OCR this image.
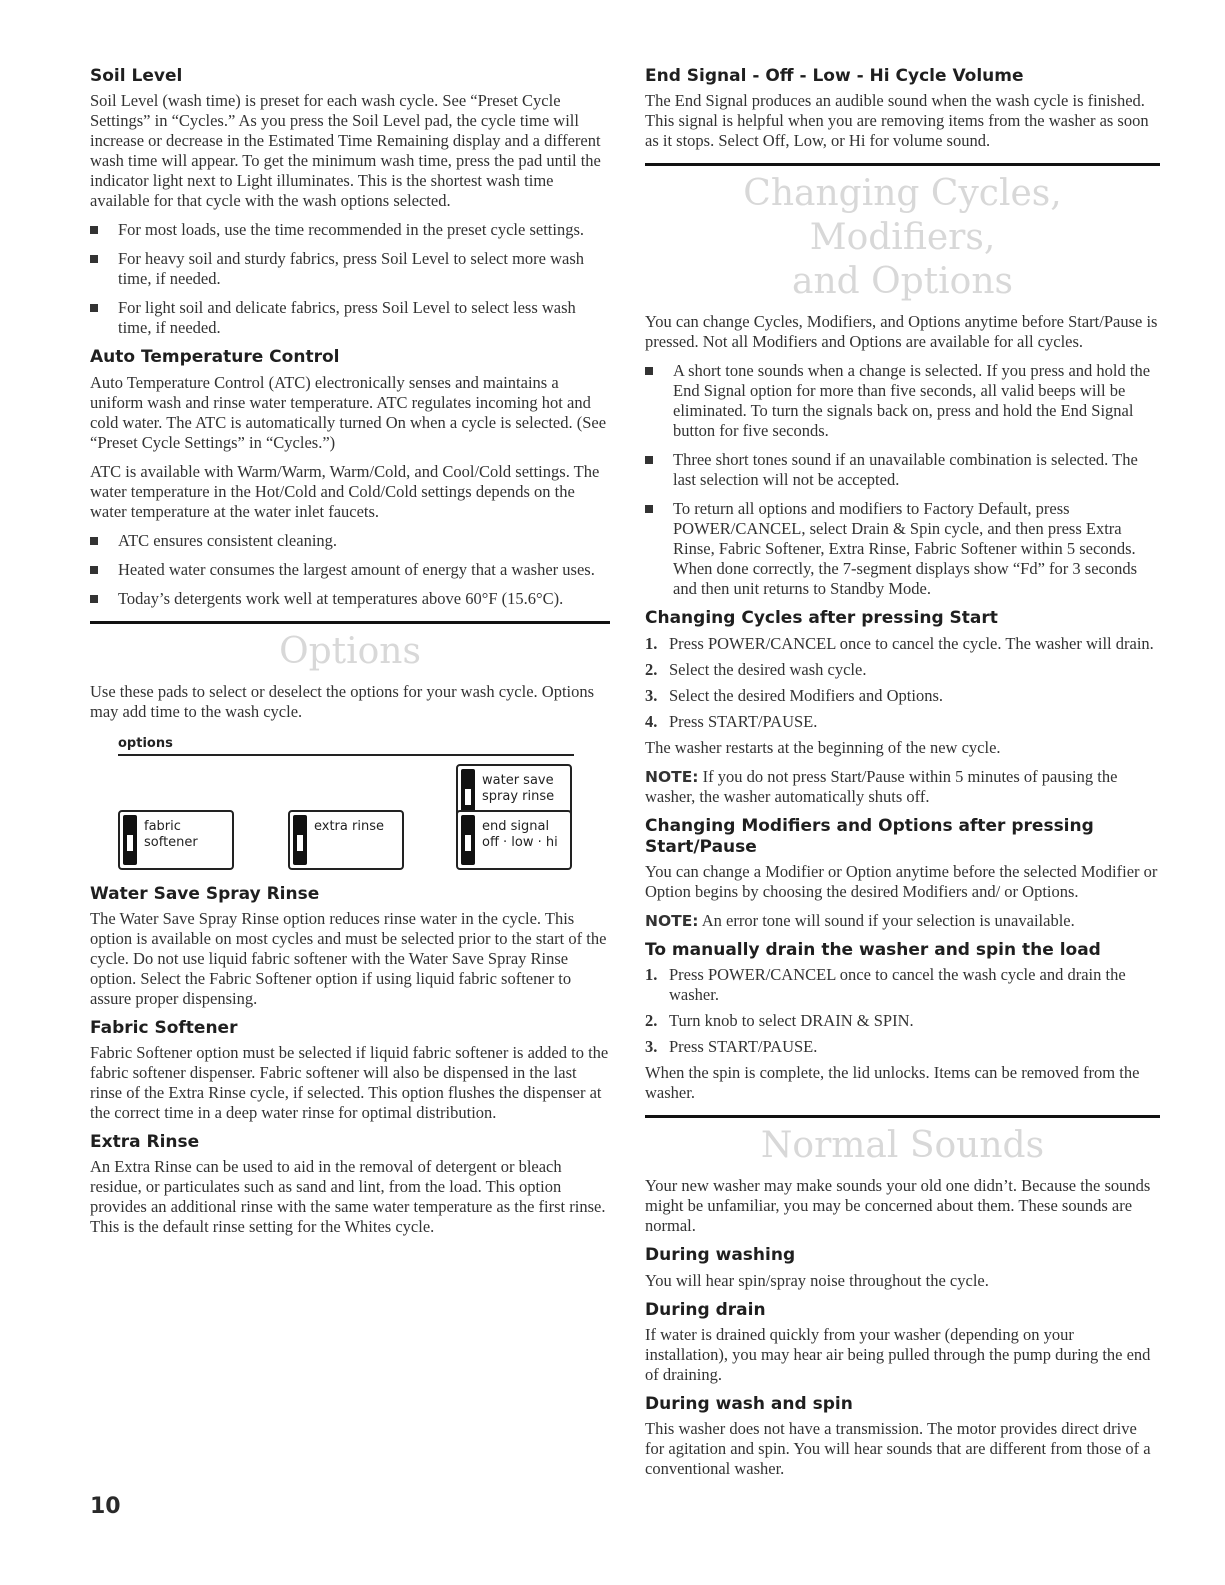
Soil Level

Soil Level (wash time) is preset for each wash cycle. See “Preset Cycle Settings” in “Cycles.” As you press the Soil Level pad, the cycle time will increase or decrease in the Estimated Time Remaining display and a different wash time will appear. To get the minimum wash time, press the pad until the indicator light next to Light illuminates. This is the shortest wash time available for that cycle with the wash options selected.

For most loads, use the time recommended in the preset cycle settings.
For heavy soil and sturdy fabrics, press Soil Level to select more wash time, if needed.
For light soil and delicate fabrics, press Soil Level to select less wash time, if needed.
Auto Temperature Control

Auto Temperature Control (ATC) electronically senses and maintains a uniform wash and rinse water temperature. ATC regulates incoming hot and cold water. The ATC is automatically turned On when a cycle is selected. (See “Preset Cycle Settings” in “Cycles.”)

ATC is available with Warm/Warm, Warm/Cold, and Cool/Cold settings. The water temperature in the Hot/Cold and Cold/Cold settings depends on the water temperature at the water inlet faucets.

ATC ensures consistent cleaning.
Heated water consumes the largest amount of energy that a washer uses.
Today’s detergents work well at temperatures above 60°F (15.6°C).
Options

Use these pads to select or deselect the options for your wash cycle. Options may add time to the wash cycle.

options
water save
spray rinse
fabric
softener
extra rinse	end signal
off · low · hi
Water Save Spray Rinse

The Water Save Spray Rinse option reduces rinse water in the cycle. This option is available on most cycles and must be selected prior to the start of the cycle. Do not use liquid fabric softener with the Water Save Spray Rinse option. Select the Fabric Softener option if using liquid fabric softener to assure proper dispensing.

Fabric Softener

Fabric Softener option must be selected if liquid fabric softener is added to the fabric softener dispenser. Fabric softener will also be dispensed in the last rinse of the Extra Rinse cycle, if selected. This option flushes the dispenser at the correct time in a deep water rinse for optimal distribution.

Extra Rinse

An Extra Rinse can be used to aid in the removal of detergent or bleach residue, or particulates such as sand and lint, from the load. This option provides an additional rinse with the same water temperature as the first rinse. This is the default rinse setting for the Whites cycle.

End Signal - Off - Low - Hi Cycle Volume

The End Signal produces an audible sound when the wash cycle is finished. This signal is helpful when you are removing items from the washer as soon as it stops. Select Off, Low, or Hi for volume sound.

Changing Cycles, Modifiers,
and Options

You can change Cycles, Modifiers, and Options anytime before Start/Pause is pressed. Not all Modifiers and Options are available for all cycles.

A short tone sounds when a change is selected. If you press and hold the End Signal option for more than five seconds, all valid beeps will be eliminated. To turn the signals back on, press and hold the End Signal button for five seconds.
Three short tones sound if an unavailable combination is selected. The last selection will not be accepted.
To return all options and modifiers to Factory Default, press POWER/CANCEL, select Drain & Spin cycle, and then press Extra Rinse, Fabric Softener, Extra Rinse, Fabric Softener within 5 seconds. When done correctly, the 7-segment displays show “Fd” for 3 seconds and then unit returns to Standby Mode.
Changing Cycles after pressing Start
1. Press POWER/CANCEL once to cancel the cycle. The washer will drain.
2. Select the desired wash cycle.
3. Select the desired Modifiers and Options.
4. Press START/PAUSE.

The washer restarts at the beginning of the new cycle.

NOTE: If you do not press Start/Pause within 5 minutes of pausing the washer, the washer automatically shuts off.

Changing Modifiers and Options after pressing Start/Pause

You can change a Modifier or Option anytime before the selected Modifier or Option begins by choosing the desired Modifiers and/ or Options.

NOTE: An error tone will sound if your selection is unavailable.

To manually drain the washer and spin the load
1. Press POWER/CANCEL once to cancel the wash cycle and drain the washer.
2. Turn knob to select DRAIN & SPIN.
3. Press START/PAUSE.

When the spin is complete, the lid unlocks. Items can be removed from the washer.

Normal Sounds

Your new washer may make sounds your old one didn’t. Because the sounds might be unfamiliar, you may be concerned about them. These sounds are normal.

During washing

You will hear spin/spray noise throughout the cycle.

During drain

If water is drained quickly from your washer (depending on your installation), you may hear air being pulled through the pump during the end of draining.

During wash and spin

This washer does not have a transmission. The motor provides direct drive for agitation and spin. You will hear sounds that are different from those of a conventional washer.

10
